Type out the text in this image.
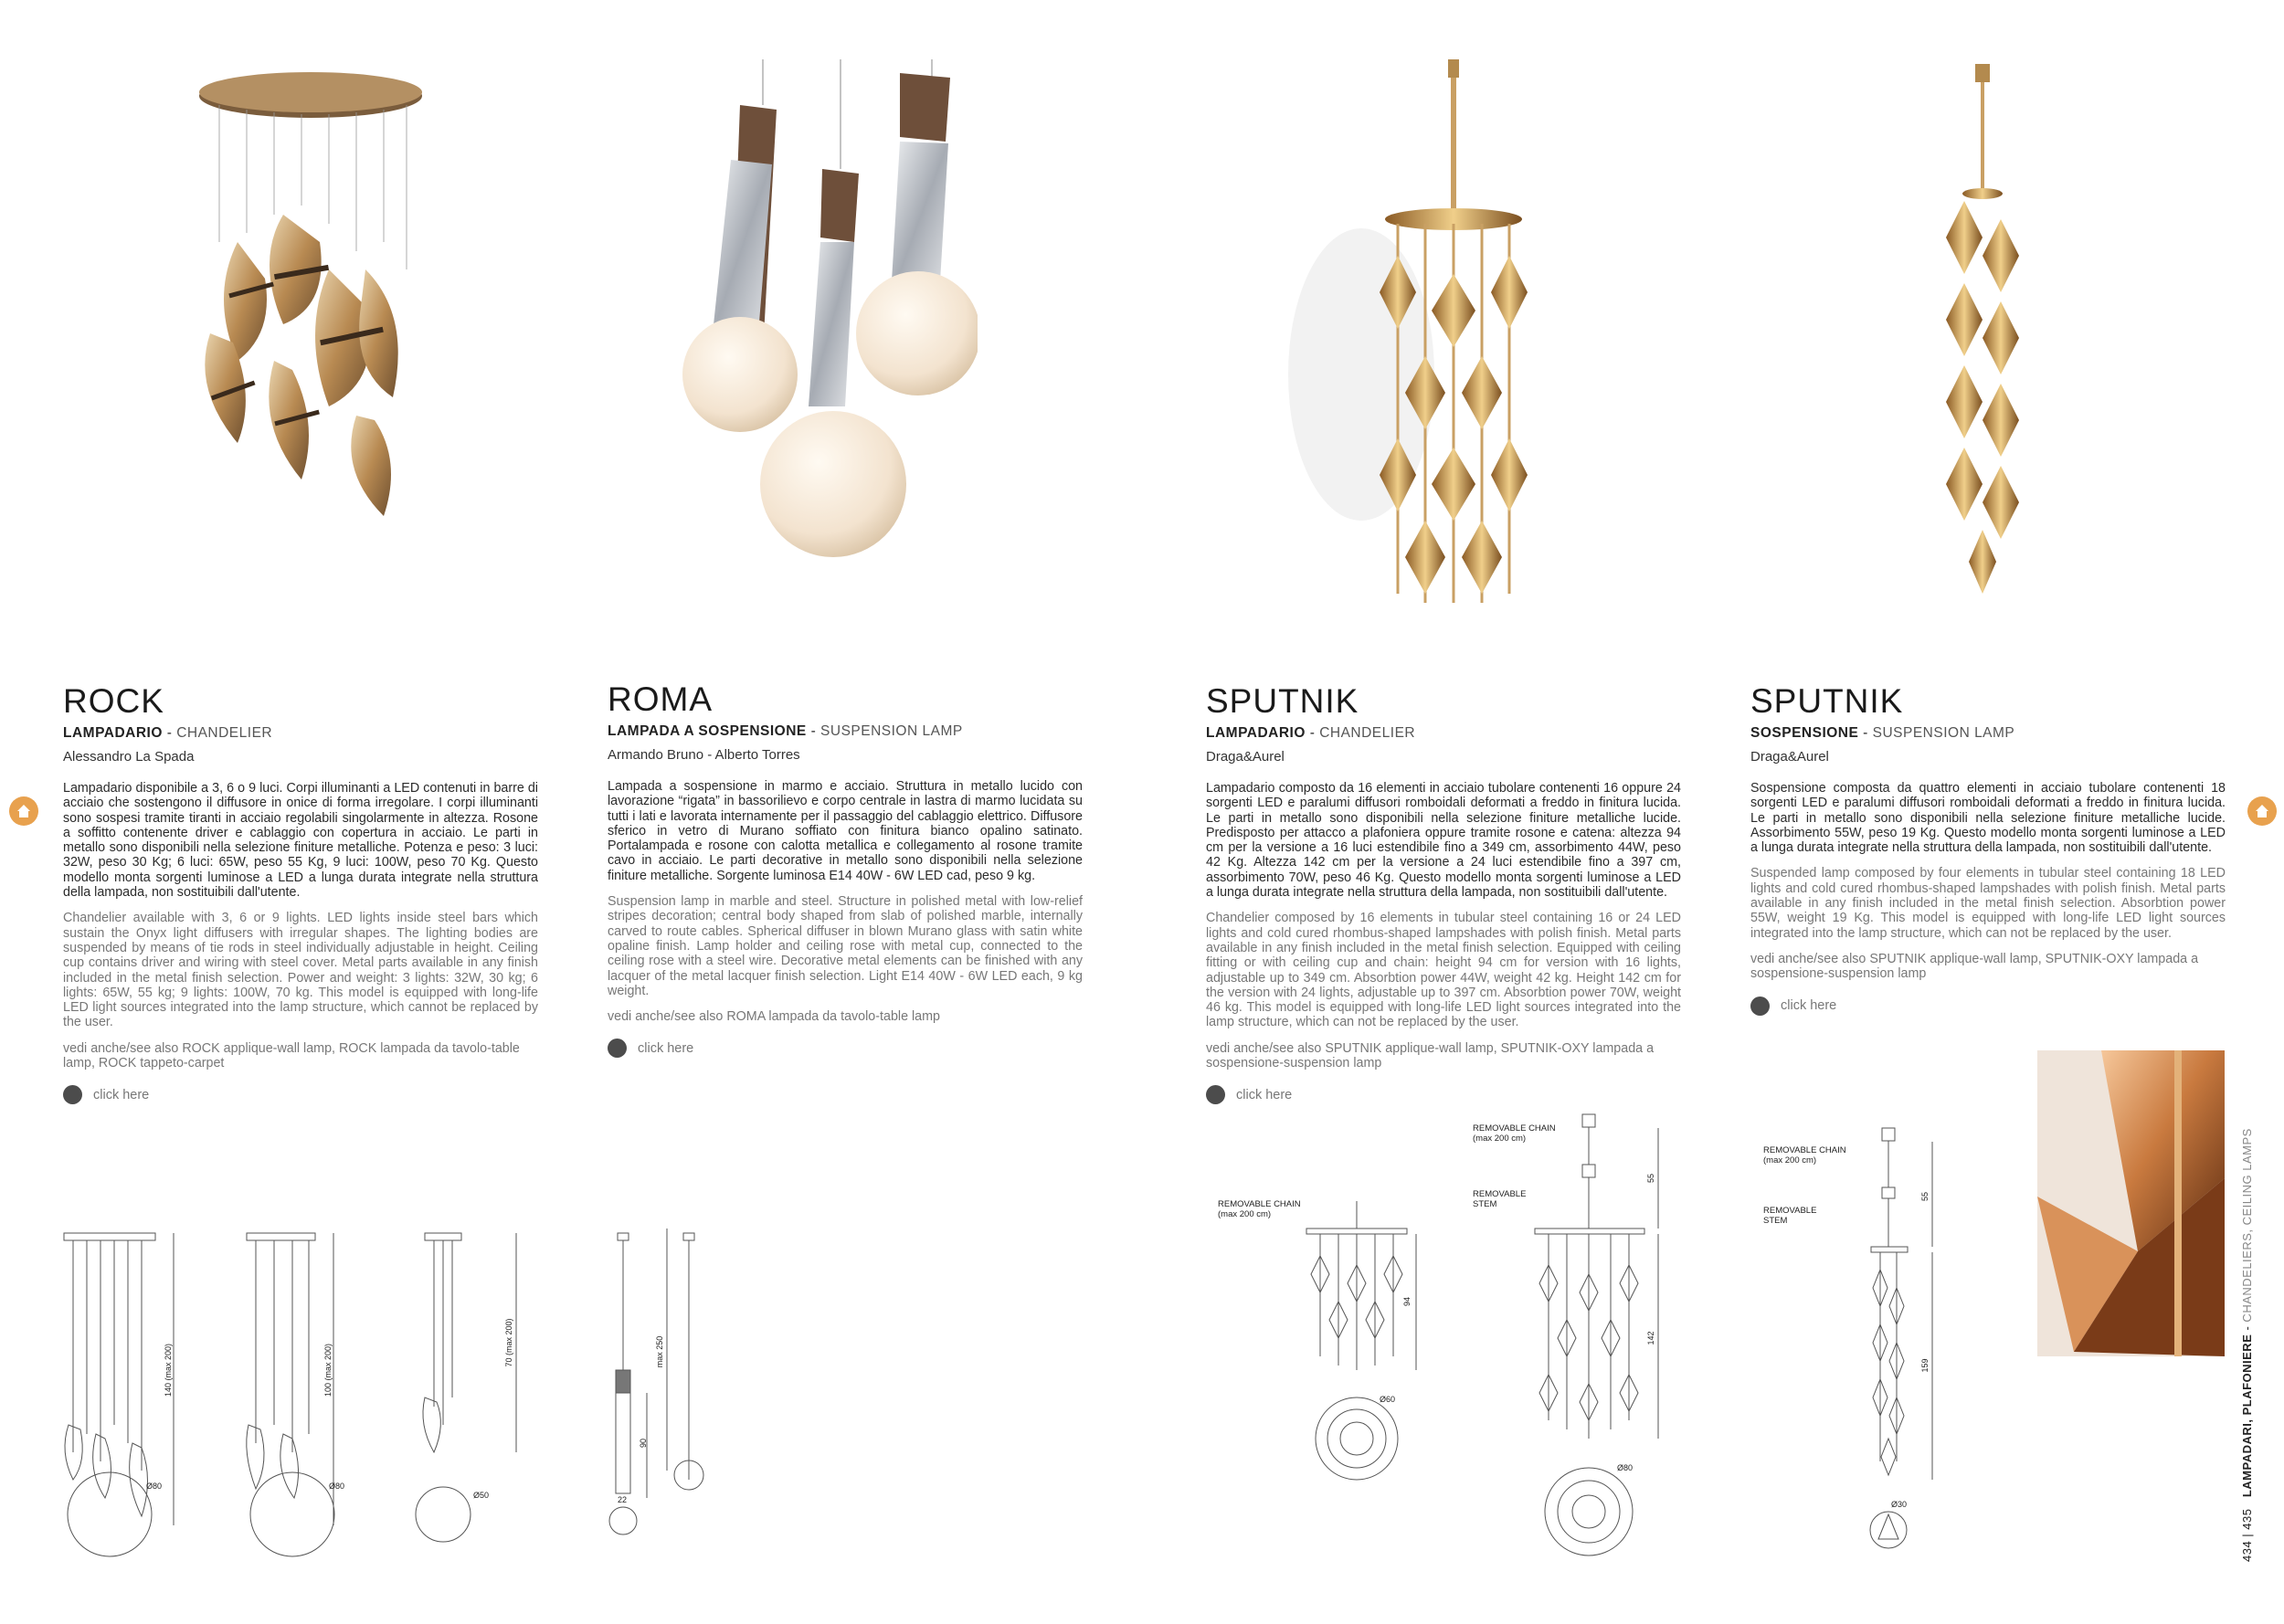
ROCK
LAMPADARIO - CHANDELIER
Alessandro La Spada
Lampadario disponibile a 3, 6 o 9 luci. Corpi illuminanti a LED contenuti in barre di acciaio che sostengono il diffusore in onice di forma irregolare. I corpi illuminanti sono sospesi tramite tiranti in acciaio regolabili singolarmente in altezza. Rosone a soffitto contenente driver e cablaggio con copertura in acciaio. Le parti in metallo sono disponibili nella selezione finiture metalliche. Potenza e peso: 3 luci: 32W, peso 30 Kg; 6 luci: 65W, peso 55 Kg, 9 luci: 100W, peso 70 Kg. Questo modello monta sorgenti luminose a LED a lunga durata integrate nella struttura della lampada, non sostituibili dall'utente.
Chandelier available with 3, 6 or 9 lights. LED lights inside steel bars which sustain the Onyx light diffusers with irregular shapes. The lighting bodies are suspended by means of tie rods in steel individually adjustable in height. Ceiling cup contains driver and wiring with steel cover. Metal parts available in any finish included in the metal finish selection. Power and weight: 3 lights: 32W, 30 kg; 6 lights: 65W, 55 kg; 9 lights: 100W, 70 kg. This model is equipped with long-life LED light sources integrated into the lamp structure, which cannot be replaced by the user.
vedi anche/see also ROCK applique-wall lamp, ROCK lampada da tavolo-table lamp, ROCK tappeto-carpet
click here
ROMA
LAMPADA A SOSPENSIONE - SUSPENSION LAMP
Armando Bruno - Alberto Torres
Lampada a sospensione in marmo e acciaio. Struttura in metallo lucido con lavorazione “rigata” in bassorilievo e corpo centrale in lastra di marmo lucidata su tutti i lati e lavorata internamente per il passaggio del cablaggio elettrico. Diffusore sferico in vetro di Murano soffiato con finitura bianco opalino satinato. Portalampada e rosone con calotta metallica e collegamento al rosone tramite cavo in acciaio. Le parti decorative in metallo sono disponibili nella selezione finiture metalliche. Sorgente luminosa E14 40W - 6W LED cad, peso 9 kg.
Suspension lamp in marble and steel. Structure in polished metal with low-relief stripes decoration; central body shaped from slab of polished marble, internally carved to route cables. Spherical diffuser in blown Murano glass with satin white opaline finish. Lamp holder and ceiling rose with metal cup, connected to the ceiling rose with a steel wire. Decorative metal elements can be finished with any lacquer of the metal lacquer finish selection. Light E14 40W - 6W LED each, 9 kg weight.
vedi anche/see also ROMA lampada da tavolo-table lamp
click here
SPUTNIK
LAMPADARIO - CHANDELIER
Draga&Aurel
Lampadario composto da 16 elementi in acciaio tubolare contenenti 16 oppure 24 sorgenti LED e paralumi diffusori romboidali deformati a freddo in finitura lucida. Le parti in metallo sono disponibili nella selezione finiture metalliche lucide. Predisposto per attacco a plafoniera oppure tramite rosone e catena: altezza 94 cm per la versione a 16 luci estendibile fino a 349 cm, assorbimento 44W, peso 42 Kg. Altezza 142 cm per la versione a 24 luci estendibile fino a 397 cm, assorbimento 70W, peso 46 Kg. Questo modello monta sorgenti luminose a LED a lunga durata integrate nella struttura della lampada, non sostituibili dall'utente.
Chandelier composed by 16 elements in tubular steel containing 16 or 24 LED lights and cold cured rhombus-shaped lampshades with polish finish. Metal parts available in any finish included in the metal finish selection. Equipped with ceiling fitting or with ceiling cup and chain: height 94 cm for version with 16 lights, adjustable up to 349 cm. Absorbtion power 44W, weight 42 kg. Height 142 cm for the version with 24 lights, adjustable up to 397 cm. Absorbtion power 70W, weight 46 kg. This model is equipped with long-life LED light sources integrated into the lamp structure, which can not be replaced by the user.
vedi anche/see also SPUTNIK applique-wall lamp, SPUTNIK-OXY lampada a sospensione-suspension lamp
click here
SPUTNIK
SOSPENSIONE - SUSPENSION LAMP
Draga&Aurel
Sospensione composta da quattro elementi in acciaio tubolare contenenti 18 sorgenti LED e paralumi diffusori romboidali deformati a freddo in finitura lucida. Le parti in metallo sono disponibili nella selezione finiture metalliche lucide. Assorbimento 55W, peso 19 Kg. Questo modello monta sorgenti luminose a LED a lunga durata integrate nella struttura della lampada, non sostituibili dall'utente.
Suspended lamp composed by four elements in tubular steel containing 18 LED lights and cold cured rhombus-shaped lampshades with polish finish. Metal parts available in any finish included in the metal finish selection. Absorbtion power 55W, weight 19 Kg. This model is equipped with long-life LED light sources integrated into the lamp structure, which can not be replaced by the user.
vedi anche/see also SPUTNIK applique-wall lamp, SPUTNIK-OXY lampada a sospensione-suspension lamp
click here
140 (max 200)	100 (max 200)
70 (max 200)
Ø80	Ø80
Ø50
max 250
90
22
REMOVABLE CHAIN (max 200 cm)
REMOVABLE CHAIN (max 200 cm)
REMOVABLE STEM
94
Ø60
55
142
Ø80
REMOVABLE CHAIN (max 200 cm)
REMOVABLE STEM
55
159
Ø30
434 | 435   LAMPADARI, PLAFONIERE - CHANDELIERS, CEILING LAMPS
